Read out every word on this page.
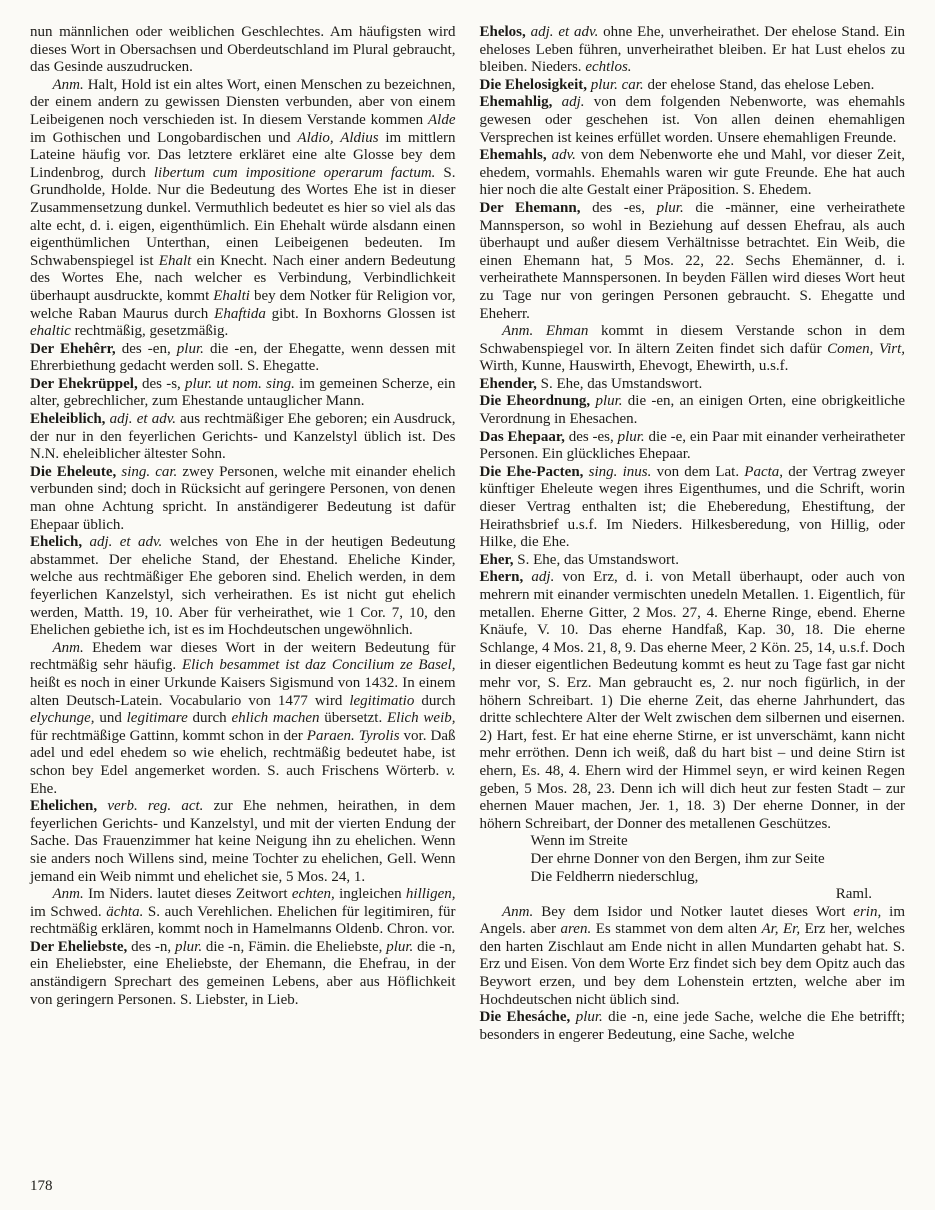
nun männlichen oder weiblichen Geschlechtes. Am häufigsten wird dieses Wort in Obersachsen und Oberdeutschland im Plural gebraucht, das Gesinde auszudrucken.

Anm. Halt, Hold ist ein altes Wort, einen Menschen zu bezeichnen, der einem andern zu gewissen Diensten verbunden, aber von einem Leibeigenen noch verschieden ist. In diesem Verstande kommen Alde im Gothischen und Longobardischen und Aldio, Aldius im mittlern Lateine häufig vor. Das letztere erkläret eine alte Glosse bey dem Lindenbrog, durch libertum cum impositione operarum factum. S. Grundholde, Holde. Nur die Bedeutung des Wortes Ehe ist in dieser Zusammensetzung dunkel. Vermuthlich bedeutet es hier so viel als das alte echt, d. i. eigen, eigenthümlich. Ein Ehehalt würde alsdann einen eigenthümlichen Unterthan, einen Leibeigenen bedeuten. Im Schwabenspiegel ist Ehalt ein Knecht. Nach einer andern Bedeutung des Wortes Ehe, nach welcher es Verbindung, Verbindlichkeit überhaupt ausdruckte, kommt Ehalti bey dem Notker für Religion vor, welche Raban Maurus durch Ehaftida gibt. In Boxhorns Glossen ist ehaltic rechtmäßig, gesetzmäßig.

Der Ehehêrr, des -en, plur. die -en, der Ehegatte, wenn dessen mit Ehrerbiethung gedacht werden soll. S. Ehegatte.

Der Ehekrüppel, des -s, plur. ut nom. sing. im gemeinen Scherze, ein alter, gebrechlicher, zum Ehestande untauglicher Mann.

Eheleiblich, adj. et adv. aus rechtmäßiger Ehe geboren; ein Ausdruck, der nur in den feyerlichen Gerichts- und Kanzelstyl üblich ist. Des N.N. eheleiblicher ältester Sohn.

Die Eheleute, sing. car. zwey Personen, welche mit einander ehelich verbunden sind; doch in Rücksicht auf geringere Personen, von denen man ohne Achtung spricht. In anständigerer Bedeutung ist dafür Ehepaar üblich.

Ehelich, adj. et adv. welches von Ehe in der heutigen Bedeutung abstammet. Der eheliche Stand, der Ehestand. Eheliche Kinder, welche aus rechtmäßiger Ehe geboren sind. Ehelich werden, in dem feyerlichen Kanzelstyl, sich verheirathen. Es ist nicht gut ehelich werden, Matth. 19, 10. Aber für verheirathet, wie 1 Cor. 7, 10, den Ehelichen gebiethe ich, ist es im Hochdeutschen ungewöhnlich.

Anm. Ehedem war dieses Wort in der weitern Bedeutung für rechtmäßig sehr häufig. Elich besammet ist daz Concilium ze Basel, heißt es noch in einer Urkunde Kaisers Sigismund von 1432. In einem alten Deutsch-Latein. Vocabulario von 1477 wird legitimatio durch elychunge, und legitimare durch ehlich machen übersetzt. Elich weib, für rechtmäßige Gattinn, kommt schon in der Paraen. Tyrolis vor. Daß adel und edel ehedem so wie ehelich, rechtmäßig bedeutet habe, ist schon bey Edel angemerket worden. S. auch Frischens Wörterb. v. Ehe.

Ehelichen, verb. reg. act. zur Ehe nehmen, heirathen, in dem feyerlichen Gerichts- und Kanzelstyl, und mit der vierten Endung der Sache. Das Frauenzimmer hat keine Neigung ihn zu ehelichen. Wenn sie anders noch Willens sind, meine Tochter zu ehelichen, Gell. Wenn jemand ein Weib nimmt und ehelichet sie, 5 Mos. 24, 1.

Anm. Im Niders. lautet dieses Zeitwort echten, ingleichen hilligen, im Schwed. ächta. S. auch Verehlichen. Ehelichen für legitimiren, für rechtmäßig erklären, kommt noch in Hamelmanns Oldenb. Chron. vor.

Der Eheliebste, des -n, plur. die -n, Fämin. die Eheliebste, plur. die -n, ein Eheliebster, eine Eheliebste, der Ehemann, die Ehefrau, in der anständigern Sprechart des gemeinen Lebens, aber aus Höflichkeit von geringern Personen. S. Liebster, in Lieb.

Ehelos, adj. et adv. ohne Ehe, unverheirathet. Der ehelose Stand. Ein eheloses Leben führen, unverheirathet bleiben. Er hat Lust ehelos zu bleiben. Nieders. echtlos.

Die Ehelosigkeit, plur. car. der ehelose Stand, das ehelose Leben.

Ehemahlig, adj. von dem folgenden Nebenworte, was ehemahls gewesen oder geschehen ist. Von allen deinen ehemahligen Versprechen ist keines erfüllet worden. Unsere ehemahligen Freunde.

Ehemahls, adv. von dem Nebenworte ehe und Mahl, vor dieser Zeit, ehedem, vormahls. Ehemahls waren wir gute Freunde. Ehe hat auch hier noch die alte Gestalt einer Präposition. S. Ehedem.

Der Ehemann, des -es, plur. die -männer, eine verheirathete Mannsperson, so wohl in Beziehung auf dessen Ehefrau, als auch überhaupt und außer diesem Verhältnisse betrachtet. Ein Weib, die einen Ehemann hat, 5 Mos. 22, 22. Sechs Ehemänner, d. i. verheirathete Mannspersonen. In beyden Fällen wird dieses Wort heut zu Tage nur von geringen Personen gebraucht. S. Ehegatte und Eheherr.

Anm. Ehman kommt in diesem Verstande schon in dem Schwabenspiegel vor. In ältern Zeiten findet sich dafür Comen, Virt, Wirth, Kunne, Hauswirth, Ehevogt, Ehewirth, u.s.f.

Ehender, S. Ehe, das Umstandswort.

Die Eheordnung, plur. die -en, an einigen Orten, eine obrigkeitliche Verordnung in Ehesachen.

Das Ehepaar, des -es, plur. die -e, ein Paar mit einander verheiratheter Personen. Ein glückliches Ehepaar.

Die Ehe-Pacten, sing. inus. von dem Lat. Pacta, der Vertrag zweyer künftiger Eheleute wegen ihres Eigenthumes, und die Schrift, worin dieser Vertrag enthalten ist; die Eheberedung, Ehestiftung, der Heirathsbrief u.s.f. Im Nieders. Hilkesberedung, von Hillig, oder Hilke, die Ehe.

Eher, S. Ehe, das Umstandswort.

Ehern, adj. von Erz, d. i. von Metall überhaupt, oder auch von mehrern mit einander vermischten unedeln Metallen. 1. Eigentlich, für metallen. Eherne Gitter, 2 Mos. 27, 4. Eherne Ringe, ebend. Eherne Knäufe, V. 10. Das eherne Handfaß, Kap. 30, 18. Die eherne Schlange, 4 Mos. 21, 8, 9. Das eherne Meer, 2 Kön. 25, 14, u.s.f. Doch in dieser eigentlichen Bedeutung kommt es heut zu Tage fast gar nicht mehr vor, S. Erz. Man gebraucht es, 2. nur noch figürlich, in der höhern Schreibart. 1) Die eherne Zeit, das eherne Jahrhundert, das dritte schlechtere Alter der Welt zwischen dem silbernen und eisernen. 2) Hart, fest. Er hat eine eherne Stirne, er ist unverschämt, kann nicht mehr erröthen. Denn ich weiß, daß du hart bist – und deine Stirn ist ehern, Es. 48, 4. Ehern wird der Himmel seyn, er wird keinen Regen geben, 5 Mos. 28, 23. Denn ich will dich heut zur festen Stadt – zur ehernen Mauer machen, Jer. 1, 18. 3) Der eherne Donner, in der höhern Schreibart, der Donner des metallenen Geschützes.

Wenn im Streite

Der ehrne Donner von den Bergen, ihm zur Seite

Die Feldherrn niederschlug,

Raml.

Anm. Bey dem Isidor und Notker lautet dieses Wort erin, im Angels. aber aren. Es stammet von dem alten Ar, Er, Erz her, welches den harten Zischlaut am Ende nicht in allen Mundarten gehabt hat. S. Erz und Eisen. Von dem Worte Erz findet sich bey dem Opitz auch das Beywort erzen, und bey dem Lohenstein ertzten, welche aber im Hochdeutschen nicht üblich sind.

Die Ehesáche, plur. die -n, eine jede Sache, welche die Ehe betrifft; besonders in engerer Bedeutung, eine Sache, welche

178
